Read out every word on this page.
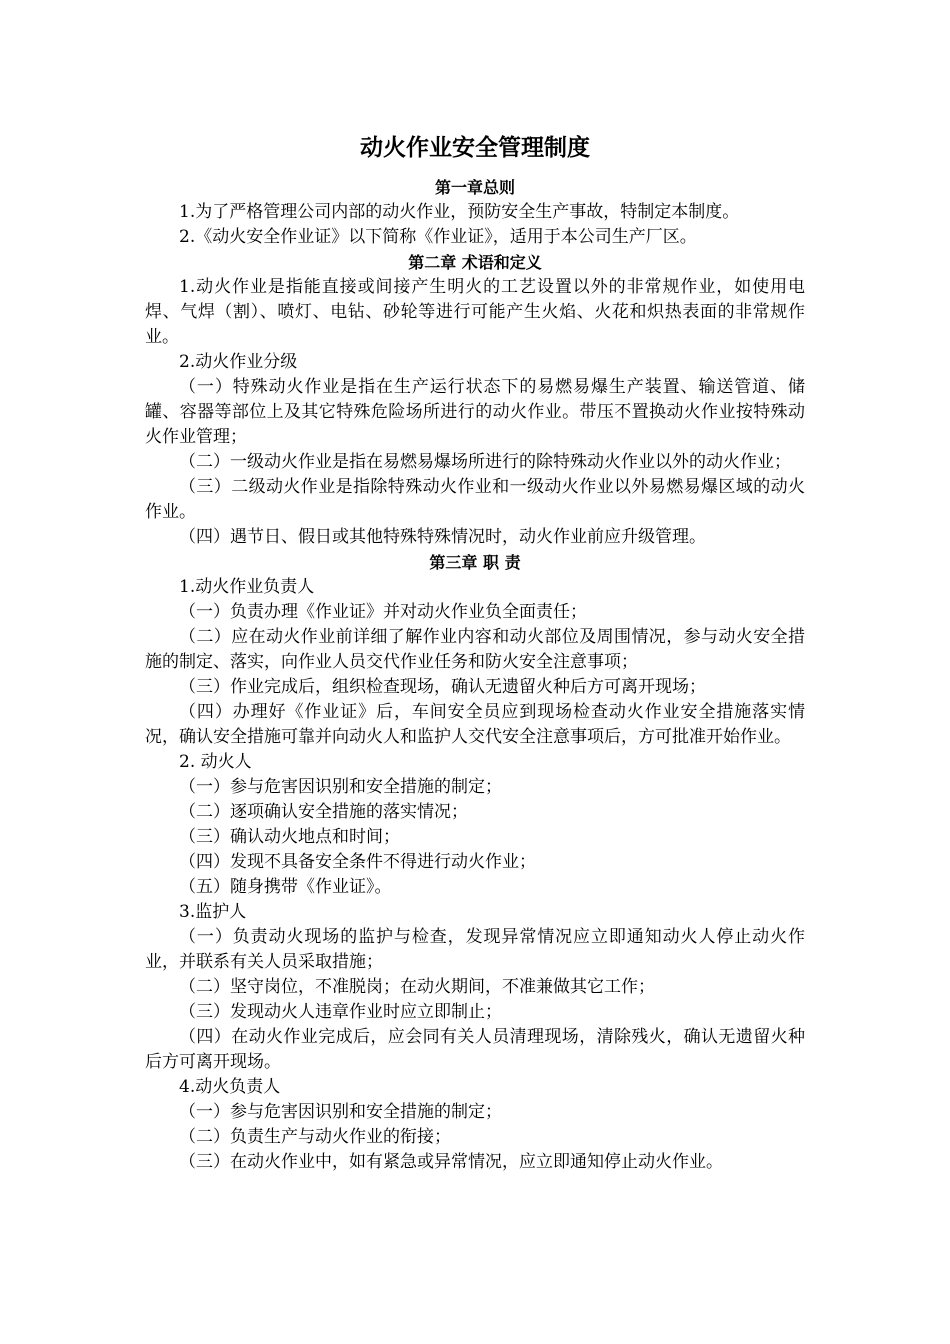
动火作业安全管理制度
第一章总则

1.为了严格管理公司内部的动火作业，预防安全生产事故，特制定本制度。

2.《动火安全作业证》以下简称《作业证》，适用于本公司生产厂区。

第二章 术语和定义

1.动火作业是指能直接或间接产生明火的工艺设置以外的非常规作业，如使用电焊、气焊（割）、喷灯、电钻、砂轮等进行可能产生火焰、火花和炽热表面的非常规作业。

2.动火作业分级

（一）特殊动火作业是指在生产运行状态下的易燃易爆生产装置、输送管道、储罐、容器等部位上及其它特殊危险场所进行的动火作业。带压不置换动火作业按特殊动火作业管理；

（二）一级动火作业是指在易燃易爆场所进行的除特殊动火作业以外的动火作业；

（三）二级动火作业是指除特殊动火作业和一级动火作业以外易燃易爆区域的动火作业。

（四）遇节日、假日或其他特殊特殊情况时，动火作业前应升级管理。

第三章 职 责

1.动火作业负责人

（一）负责办理《作业证》并对动火作业负全面责任；

（二）应在动火作业前详细了解作业内容和动火部位及周围情况，参与动火安全措施的制定、落实，向作业人员交代作业任务和防火安全注意事项；

（三）作业完成后，组织检查现场，确认无遗留火种后方可离开现场；

（四）办理好《作业证》后，车间安全员应到现场检查动火作业安全措施落实情况，确认安全措施可靠并向动火人和监护人交代安全注意事项后，方可批准开始作业。

2. 动火人

（一）参与危害因识别和安全措施的制定；

（二）逐项确认安全措施的落实情况；

（三）确认动火地点和时间；

（四）发现不具备安全条件不得进行动火作业；

（五）随身携带《作业证》。

3.监护人

（一）负责动火现场的监护与检查，发现异常情况应立即通知动火人停止动火作业，并联系有关人员采取措施；

（二）坚守岗位，不准脱岗；在动火期间，不准兼做其它工作；

（三）发现动火人违章作业时应立即制止；

（四）在动火作业完成后，应会同有关人员清理现场，清除残火，确认无遗留火种后方可离开现场。

4.动火负责人

（一）参与危害因识别和安全措施的制定；

（二）负责生产与动火作业的衔接；

（三）在动火作业中，如有紧急或异常情况，应立即通知停止动火作业。
